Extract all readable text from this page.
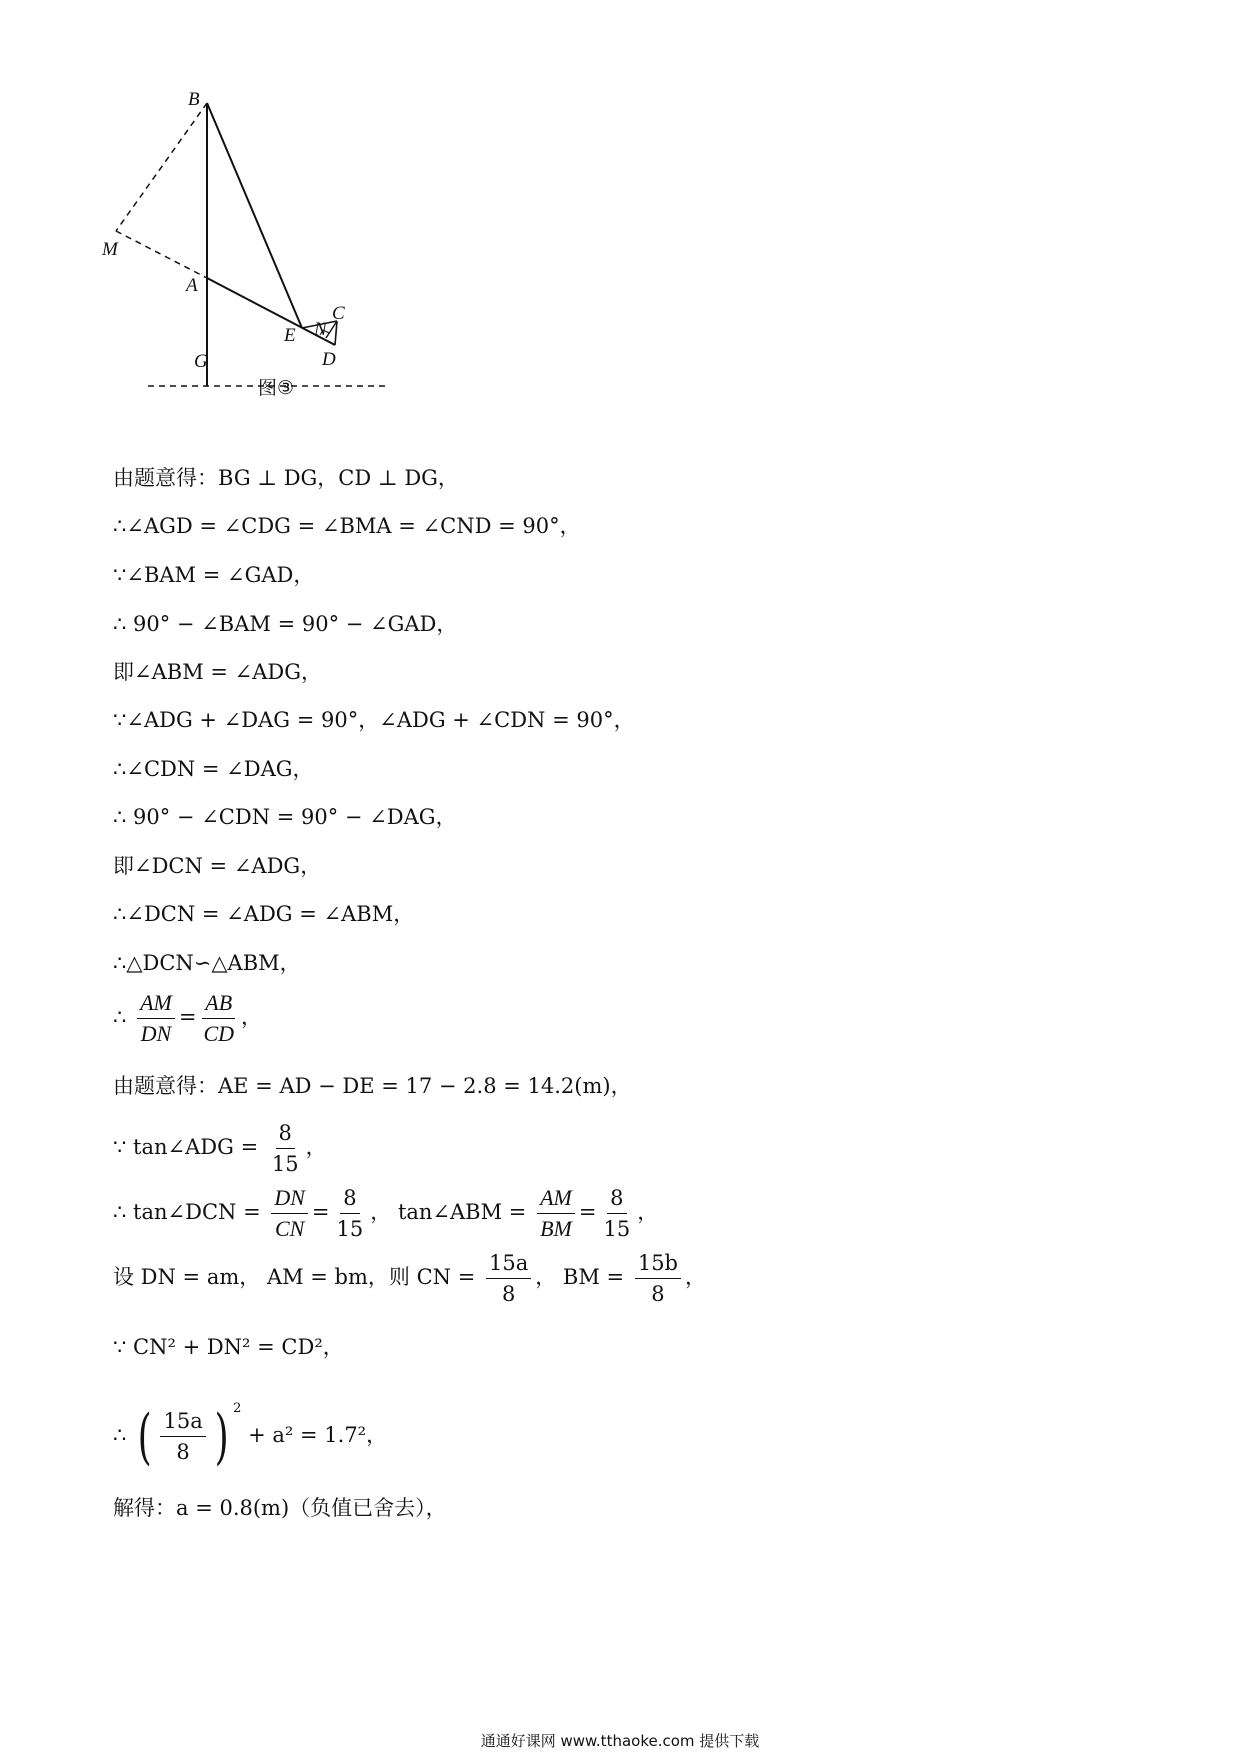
B
M
A
E N
C
G	D
图③
由题意得：BG ⊥ DG，CD ⊥ DG，
∴∠AGD = ∠CDG = ∠BMA = ∠CND = 90°，
∵∠BAM = ∠GAD，
∴ 90° − ∠BAM = 90° − ∠GAD，
即∠ABM = ∠ADG，
∵∠ADG + ∠DAG = 90°，∠ADG + ∠CDN = 90°，
∴∠CDN = ∠DAG，
∴ 90° − ∠CDN = 90° − ∠DAG，
即∠DCN = ∠ADG，
∴∠DCN = ∠ADG = ∠ABM，
∴△DCN∽△ABM，
∴ $\frac{AM}{DN} = \frac{AB}{CD}$ ，
由题意得：AE = AD − DE = 17 − 2.8 = 14.2(m)，
∵ tan∠ADG = $\frac{8}{15}$ ，
∴ tan∠DCN = $\frac{DN}{CN} = \frac{8}{15}$ ， tan∠ABM = $\frac{AM}{BM} = \frac{8}{15}$ ，
设 DN = am， AM = bm，则 CN = $\frac{15a}{8}$ ， BM = $\frac{15b}{8}$ ，
∵ CN² + DN² = CD²，
∴ ( $\frac{15a}{8}$ ) $^2$ + a² = 1.7²，
解得：a = 0.8(m)（负值已舍去），
通通好课网 www.tthaoke.com 提供下载
